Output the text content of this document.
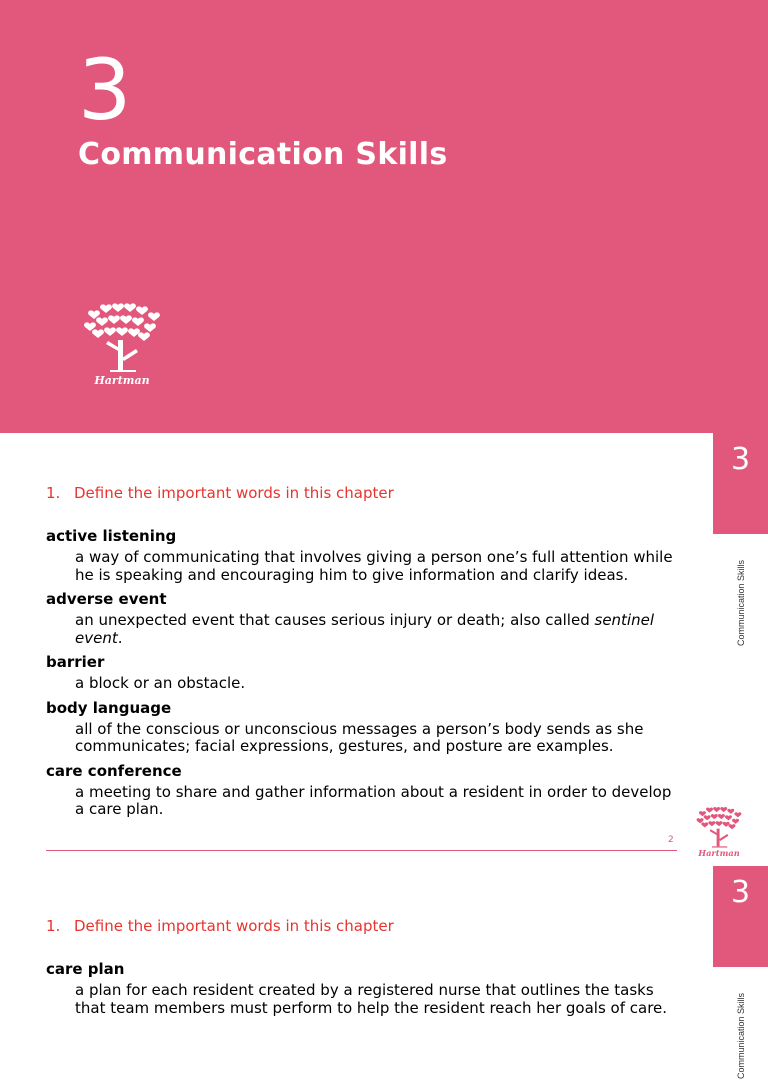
3
Communication Skills
Hartman
3
Communication Skills
1. Define the important words in this chapter
active listening
a way of communicating that involves giving a person one’s full attention while he is speaking and encouraging him to give information and clarify ideas.
adverse event
an unexpected event that causes serious injury or death; also called sentinel event.
barrier
a block or an obstacle.
body language
all of the conscious or unconscious messages a person’s body sends as she communicates; facial expressions, gestures, and posture are examples.
care conference
a meeting to share and gather information about a resident in order to develop a care plan.
2
Hartman
3
Communication Skills
1. Define the important words in this chapter
care plan
a plan for each resident created by a registered nurse that outlines the tasks that team members must perform to help the resident reach her goals of care.
